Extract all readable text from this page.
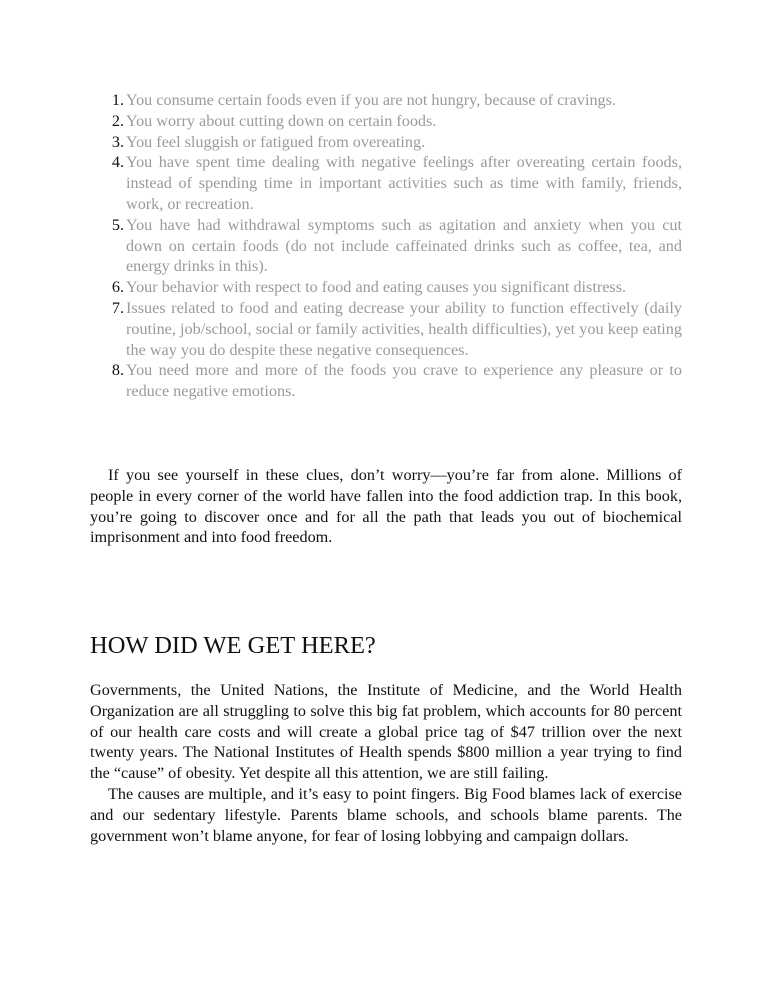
1. You consume certain foods even if you are not hungry, because of cravings.
2. You worry about cutting down on certain foods.
3. You feel sluggish or fatigued from overeating.
4. You have spent time dealing with negative feelings after overeating certain foods, instead of spending time in important activities such as time with family, friends, work, or recreation.
5. You have had withdrawal symptoms such as agitation and anxiety when you cut down on certain foods (do not include caffeinated drinks such as coffee, tea, and energy drinks in this).
6. Your behavior with respect to food and eating causes you significant distress.
7. Issues related to food and eating decrease your ability to function effectively (daily routine, job/school, social or family activities, health difficulties), yet you keep eating the way you do despite these negative consequences.
8. You need more and more of the foods you crave to experience any pleasure or to reduce negative emotions.

If you see yourself in these clues, don’t worry—you’re far from alone. Millions of people in every corner of the world have fallen into the food addiction trap. In this book, you’re going to discover once and for all the path that leads you out of biochemical imprisonment and into food freedom.

HOW DID WE GET HERE?

Governments, the United Nations, the Institute of Medicine, and the World Health Organization are all struggling to solve this big fat problem, which accounts for 80 percent of our health care costs and will create a global price tag of $47 trillion over the next twenty years. The National Institutes of Health spends $800 million a year trying to find the “cause” of obesity. Yet despite all this attention, we are still failing.

The causes are multiple, and it’s easy to point fingers. Big Food blames lack of exercise and our sedentary lifestyle. Parents blame schools, and schools blame parents. The government won’t blame anyone, for fear of losing lobbying and campaign dollars.
